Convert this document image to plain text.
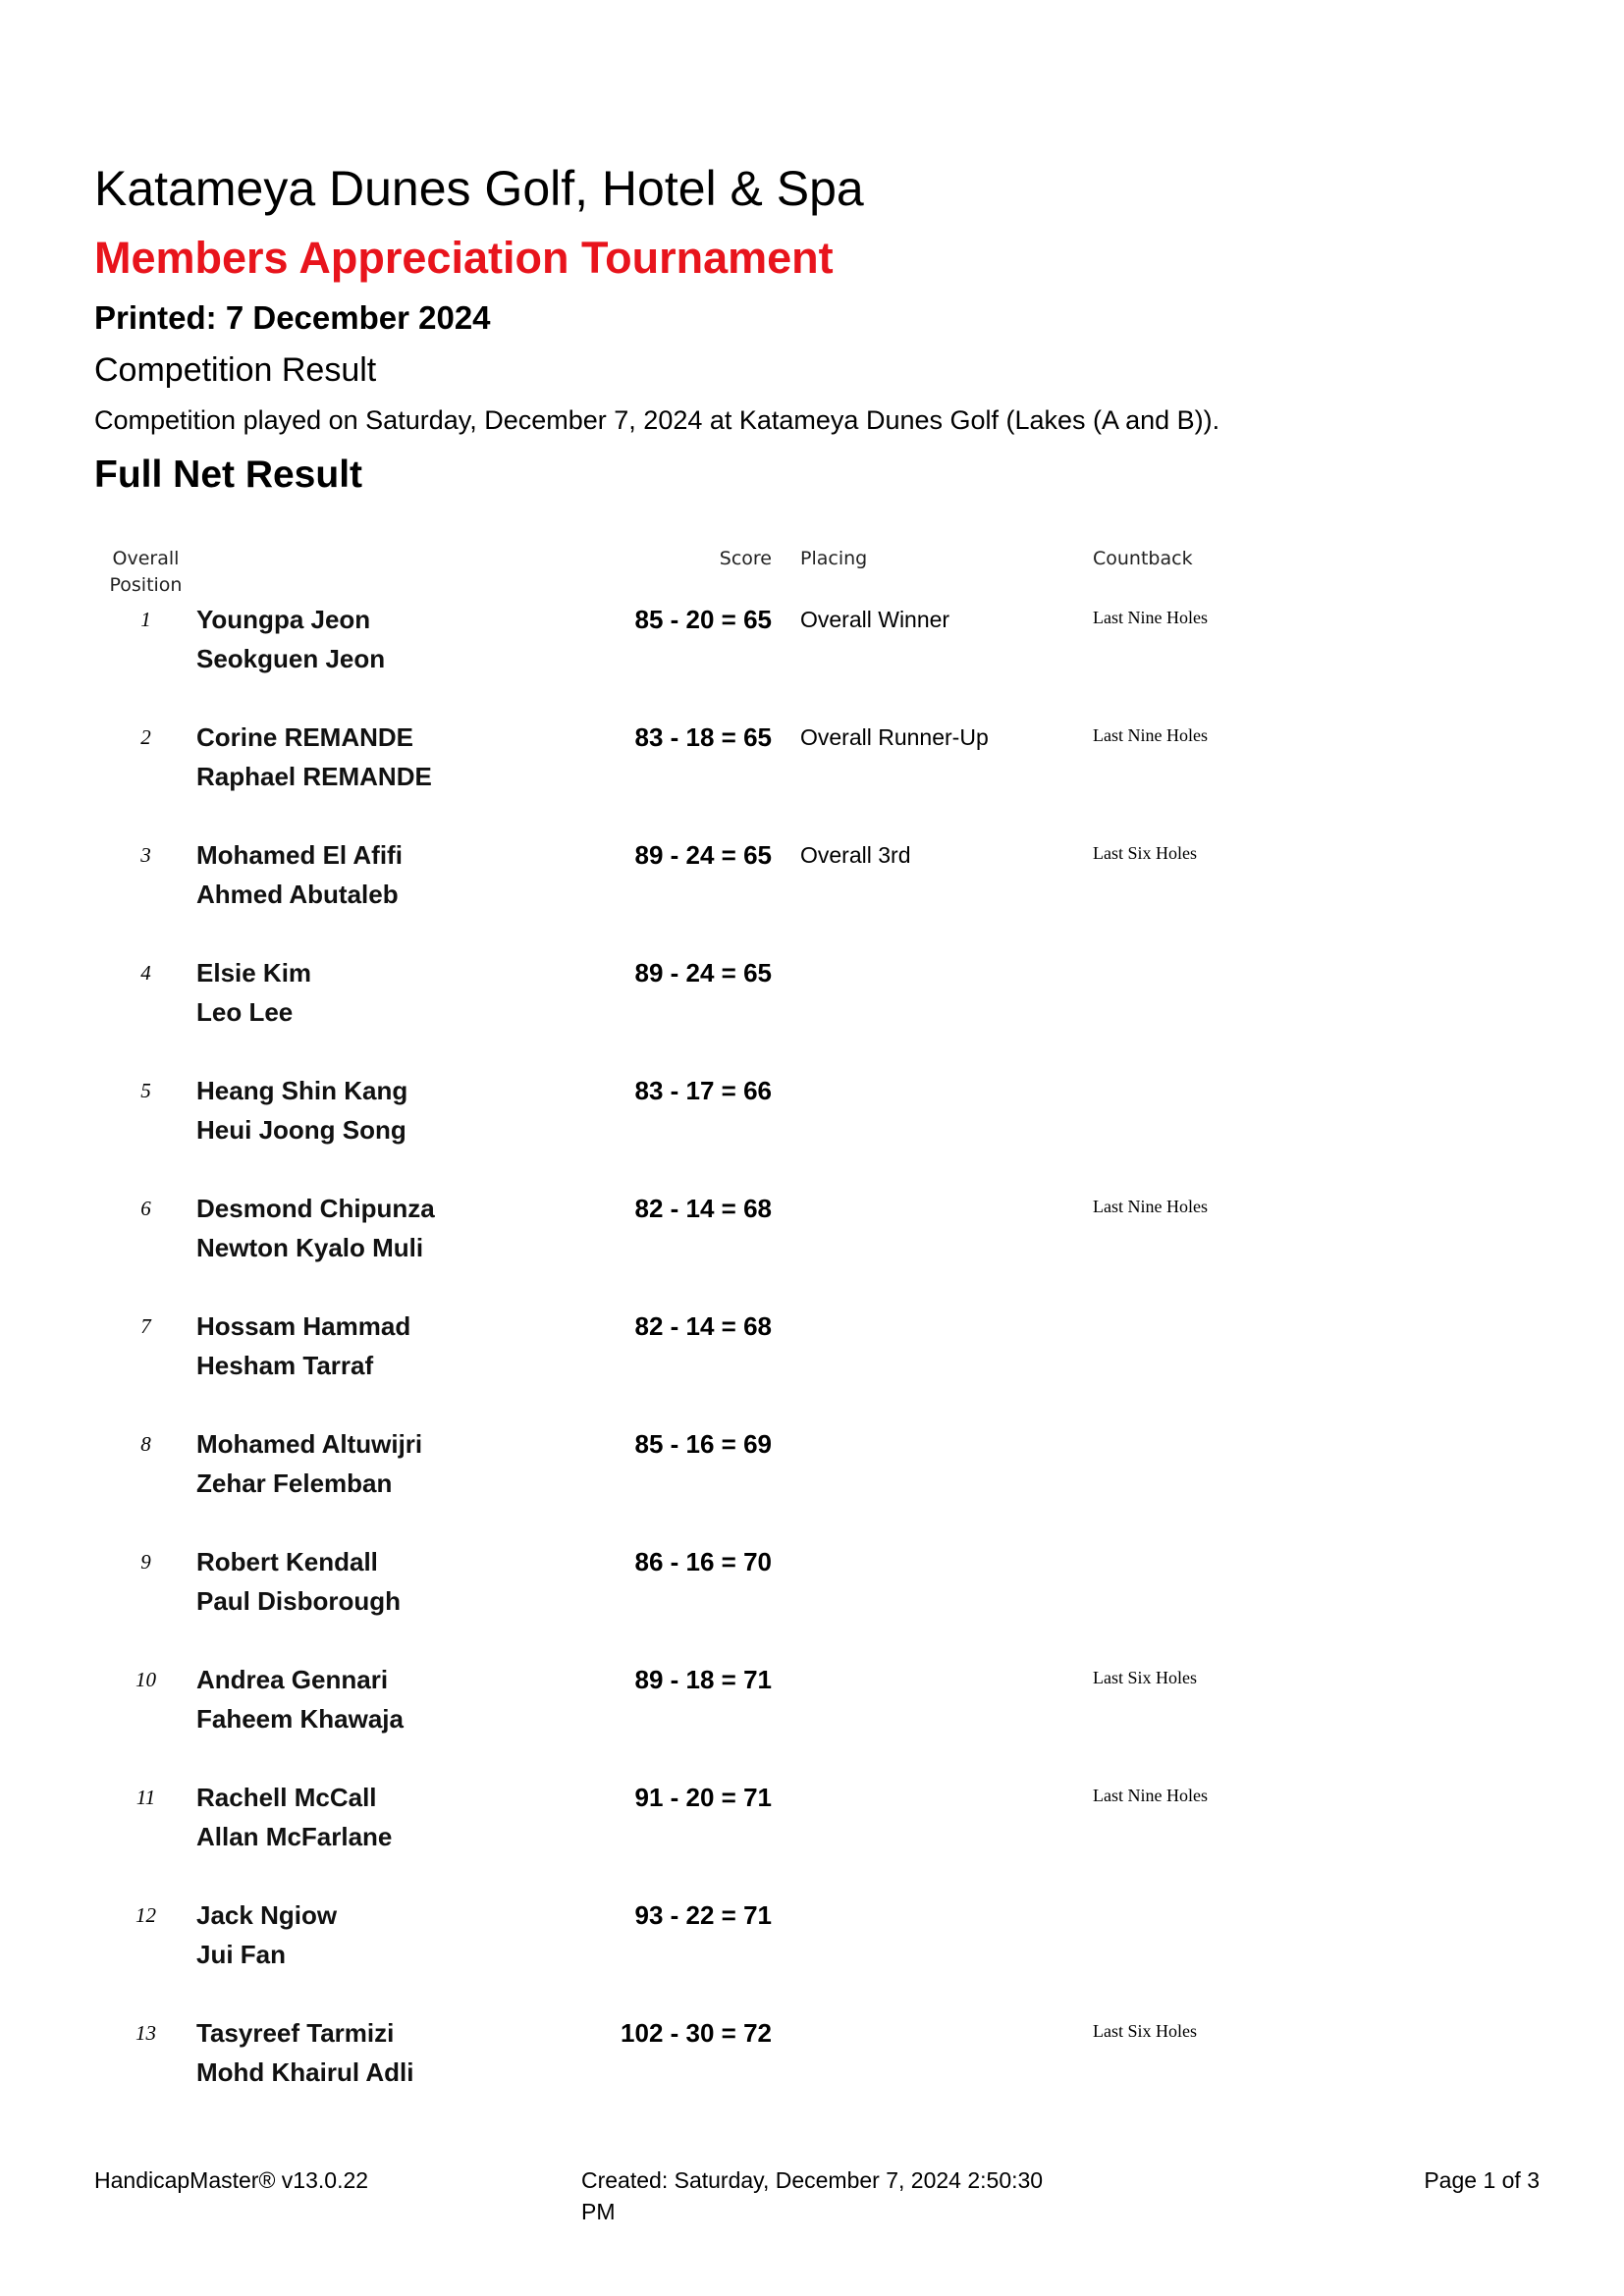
Katameya Dunes Golf, Hotel & Spa
Members Appreciation Tournament
Printed: 7 December 2024
Competition Result
Competition played on Saturday, December 7, 2024 at Katameya Dunes Golf (Lakes (A and B)).
Full Net Result
Overall
Position
Score Placing	Countback
1	Youngpa Jeon
Seokguen Jeon
85 - 20 = 65 Overall Winner	Last Nine Holes
2	Corine REMANDE
Raphael REMANDE
83 - 18 = 65 Overall Runner-Up	Last Nine Holes
3	Mohamed El Afifi
Ahmed Abutaleb
89 - 24 = 65 Overall 3rd	Last Six Holes
4	Elsie Kim
Leo Lee
89 - 24 = 65
5	Heang Shin Kang
Heui Joong Song
83 - 17 = 66
6	Desmond Chipunza
Newton Kyalo Muli
82 - 14 = 68	Last Nine Holes
7	Hossam Hammad
Hesham Tarraf
82 - 14 = 68
8	Mohamed Altuwijri
Zehar Felemban
85 - 16 = 69
9	Robert Kendall
Paul Disborough
86 - 16 = 70
10	Andrea Gennari
Faheem Khawaja
89 - 18 = 71	Last Six Holes
11	Rachell McCall
Allan McFarlane
91 - 20 = 71	Last Nine Holes
12	Jack Ngiow
Jui Fan
93 - 22 = 71
13	Tasyreef Tarmizi
Mohd Khairul Adli
102 - 30 = 72	Last Six Holes
HandicapMaster® v13.0.22	Created: Saturday, December 7, 2024 2:50:30 PM
Page 1 of 3
